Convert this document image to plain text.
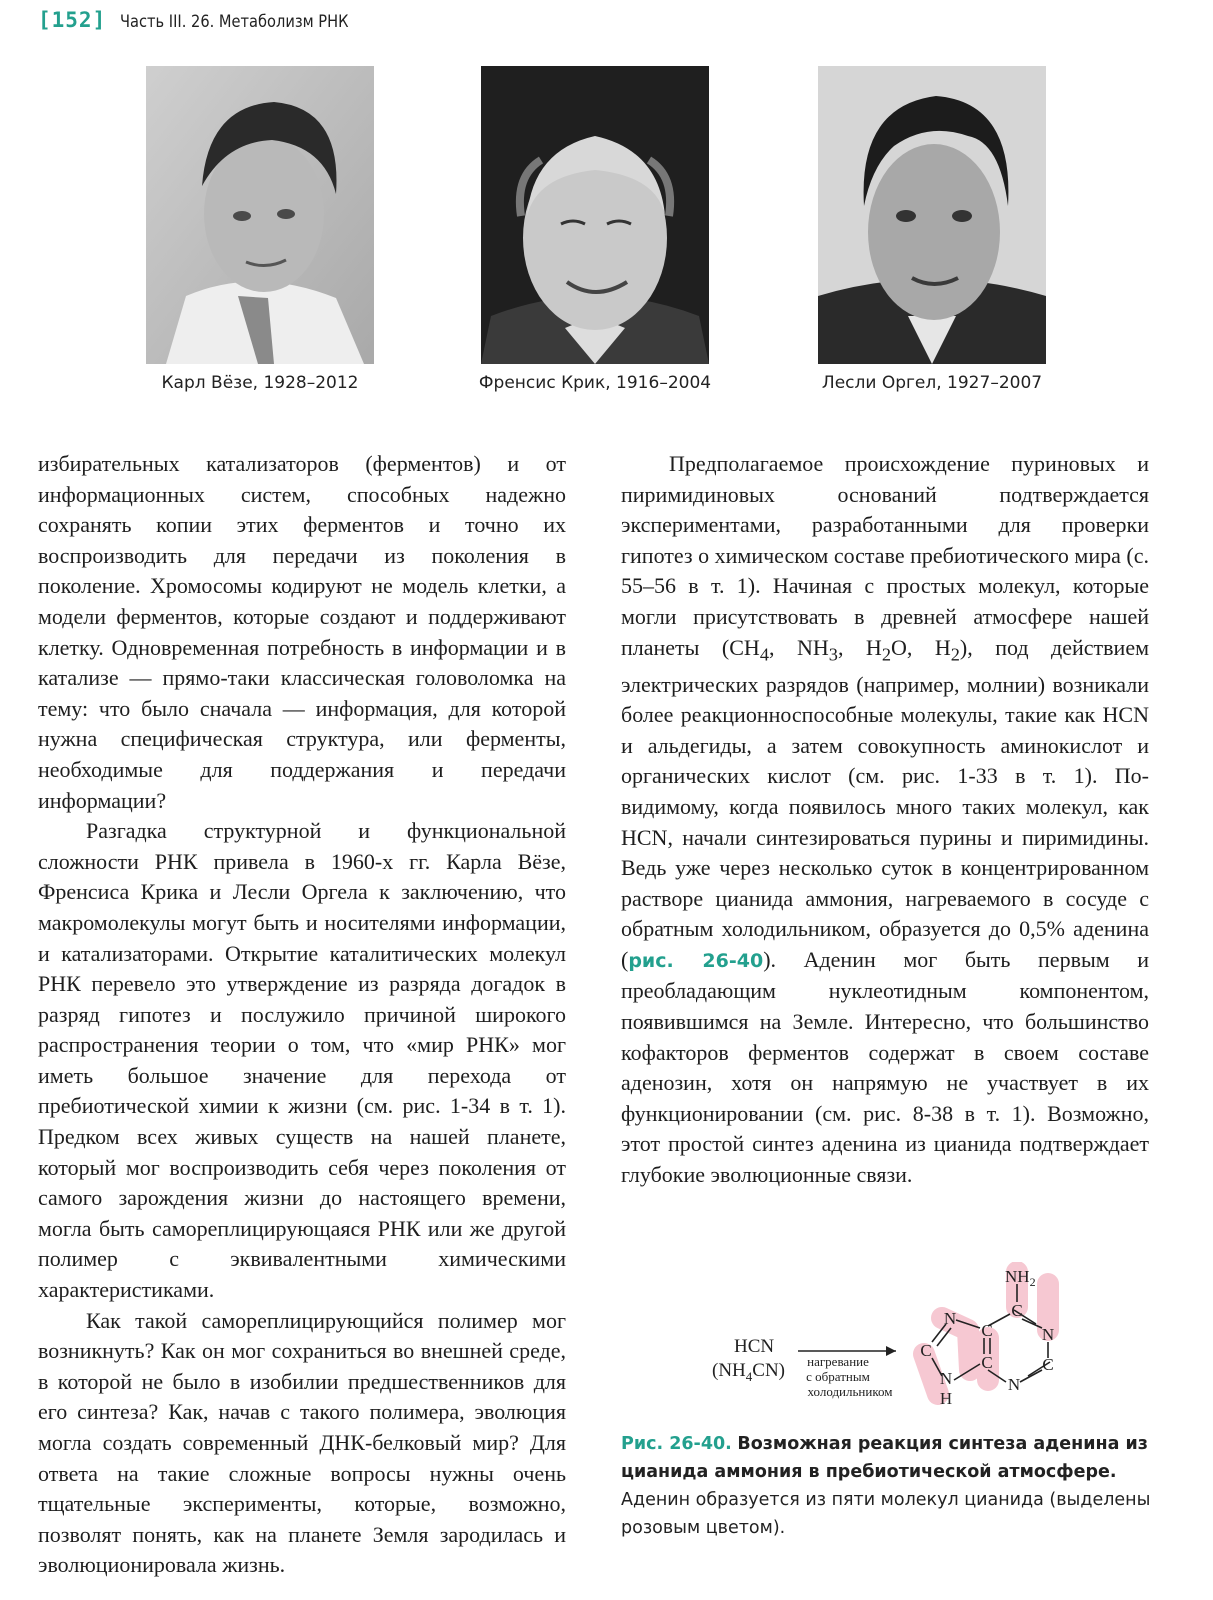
[152] Часть III. 26. Метаболизм РНК
Карл Вёзе, 1928–2012	Френсис Крик, 1916–2004	Лесли Оргел, 1927–2007

избирательных катализаторов (ферментов) и от информационных систем, способных надежно сохранять копии этих ферментов и точно их воспроизводить для передачи из поколения в поколение. Хромосомы кодируют не модель клетки, а модели ферментов, которые создают и поддерживают клетку. Одновременная потребность в информации и в катализе — прямо-таки классическая головоломка на тему: что было сначала — информация, для которой нужна специфическая структура, или ферменты, необходимые для поддержания и передачи информации?

Разгадка структурной и функциональной сложности РНК привела в 1960-х гг. Карла Вёзе, Френсиса Крика и Лесли Оргела к заключению, что макромолекулы могут быть и носителями информации, и катализаторами. Открытие каталитических молекул РНК перевело это утверждение из разряда догадок в разряд гипотез и послужило причиной широкого распространения теории о том, что «мир РНК» мог иметь большое значение для перехода от пребиотической химии к жизни (см. рис. 1-34 в т. 1). Предком всех живых существ на нашей планете, который мог воспроизводить себя через поколения от самого зарождения жизни до настоящего времени, могла быть самореплицирующаяся РНК или же другой полимер с эквивалентными химическими характеристиками.

Как такой самореплицирующийся полимер мог возникнуть? Как он мог сохраниться во внешней среде, в которой не было в изобилии предшественников для его синтеза? Как, начав с такого полимера, эволюция могла создать современный ДНК-белковый мир? Для ответа на такие сложные вопросы нужны очень тщательные эксперименты, которые, возможно, позволят понять, как на планете Земля зародилась и эволюционировала жизнь.

Предполагаемое происхождение пуриновых и пиримидиновых оснований подтверждается экспериментами, разработанными для проверки гипотез о химическом составе пребиотического мира (с. 55–56 в т. 1). Начиная с простых молекул, которые могли присутствовать в древней атмосфере нашей планеты ($CH_4$, $NH_3$, $H_2O$, $H_2$), под действием электрических разрядов (например, молнии) возникали более реакционноспособные молекулы, такие как HCN и альдегиды, а затем совокупность аминокислот и органических кислот (см. рис. 1-33 в т. 1). По-видимому, когда появилось много таких молекул, как HCN, начали синтезироваться пурины и пиримидины. Ведь уже через несколько суток в концентрированном растворе цианида аммония, нагреваемого в сосуде с обратным холодильником, образуется до 0,5% аденина (рис. 26-40). Аденин мог быть первым и преобладающим нуклеотидным компонентом, появившимся на Земле. Интересно, что большинство кофакторов ферментов содержат в своем составе аденозин, хотя он напрямую не участвует в их функционировании (см. рис. 8-38 в т. 1). Возможно, этот простой синтез аденина из цианида подтверждает глубокие эволюционные связи.

HCN
$(NH_4CN)$ нагревание
с обратным
холодильником
$NH_2$
C
N
C
N
C
C
N
C
N
H
Рис. 26-40. Возможная реакция синтеза аденина из цианида аммония в пребиотической атмосфере. Аденин образуется из пяти молекул цианида (выделены розовым цветом).
